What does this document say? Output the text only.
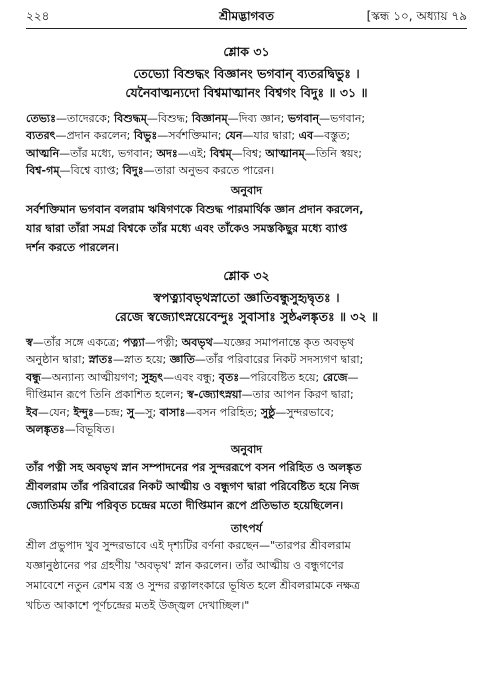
২২৪	শ্রীমদ্ভাগবত	[স্কন্ধ ১০, অধ্যায় ৭৯
শ্লোক ৩১
তেভ্যো বিশুদ্ধং বিজ্ঞানং ভগবান্ ব্যতরদ্বিভুঃ ।
যেনৈবাত্মন্যদো বিশ্বমাত্মানং বিশ্বগং বিদুঃ ॥ ৩১ ॥
তেভ্যঃ—তাদেরকে; বিশুদ্ধম্—বিশুদ্ধ; বিজ্ঞানম্—দিব্য জ্ঞান; ভগবান্—ভগবান;
ব্যতরৎ—প্রদান করলেন; বিভুঃ—সর্বশক্তিমান; যেন—যার দ্বারা; এব—বস্তুত;
আত্মনি—তাঁর মধ্যে, ভগবান; অদঃ—এই; বিশ্বম্—বিশ্ব; আত্মানম্—তিনি স্বয়ং;
বিশ্ব-গম্—বিশ্বে ব্যাপ্ত; বিদুঃ—তারা অনুভব করতে পারেন।
অনুবাদ
সর্বশক্তিমান ভগবান বলরাম ঋষিগণকে বিশুদ্ধ পারমার্থিক জ্ঞান প্রদান করলেন,
যার দ্বারা তাঁরা সমগ্র বিশ্বকে তাঁর মধ্যে এবং তাঁকেও সমস্তকিছুর মধ্যে ব্যাপ্ত
দর্শন করতে পারলেন।
শ্লোক ৩২
স্বপত্ন্যাবভৃথস্নাতো জ্ঞাতিবন্ধুসুহৃদ্বৃতঃ ।
রেজে স্বজ্যোৎস্নয়েবেন্দুঃ সুবাসাঃ সুষ্ঠ্বলঙ্কৃতঃ ॥ ৩২ ॥
স্ব—তাঁর সঙ্গে একত্রে; পত্ন্যা—পত্নী; অবভৃথ—যজ্ঞের সমাপনান্তে কৃত অবভৃথ
অনুষ্ঠান দ্বারা; স্নাতঃ—স্নাত হয়ে; জ্ঞাতি—তাঁর পরিবারের নিকট সদস্যগণ দ্বারা;
বন্ধু—অন্যান্য আত্মীয়গণ; সুহৃৎ—এবং বন্ধু; বৃতঃ—পরিবেষ্টিত হয়ে; রেজে—
দীপ্তিমান রূপে তিনি প্রকাশিত হলেন; স্ব-জ্যোৎস্নয়া—তার আপন কিরণ দ্বারা;
ইব—যেন; ইন্দুঃ—চন্দ্র; সু—সু; বাসাঃ—বসন পরিহিত; সুষ্ঠু—সুন্দরভাবে;
অলঙ্কৃতঃ—বিভূষিত।
অনুবাদ
তাঁর পত্নী সহ অবভৃথ স্নান সম্পাদনের পর সুন্দররূপে বসন পরিহিত ও অলঙ্কৃত
শ্রীবলরাম তাঁর পরিবারের নিকট আত্মীয় ও বন্ধুগণ দ্বারা পরিবেষ্টিত হয়ে নিজ
জ্যোতির্ময় রশ্মি পরিবৃত চন্দ্রের মতো দীপ্তিমান রূপে প্রতিভাত হয়েছিলেন।
তাৎপর্য
শ্রীল প্রভুপাদ খুব সুন্দরভাবে এই দৃশ্যটির বর্ণনা করছেন—"তারপর শ্রীবলরাম
যজ্ঞানুষ্ঠানের পর গ্রহণীয় 'অবভৃথ' স্নান করলেন। তাঁর আত্মীয় ও বন্ধুগণের
সমাবেশে নতুন রেশম বস্ত্র ও সুন্দর রত্নালংকারে ভূষিত হলে শ্রীবলরামকে নক্ষত্র
খচিত আকাশে পূর্ণচন্দ্রের মতই উজ্জ্বল দেখাচ্ছিল।"
